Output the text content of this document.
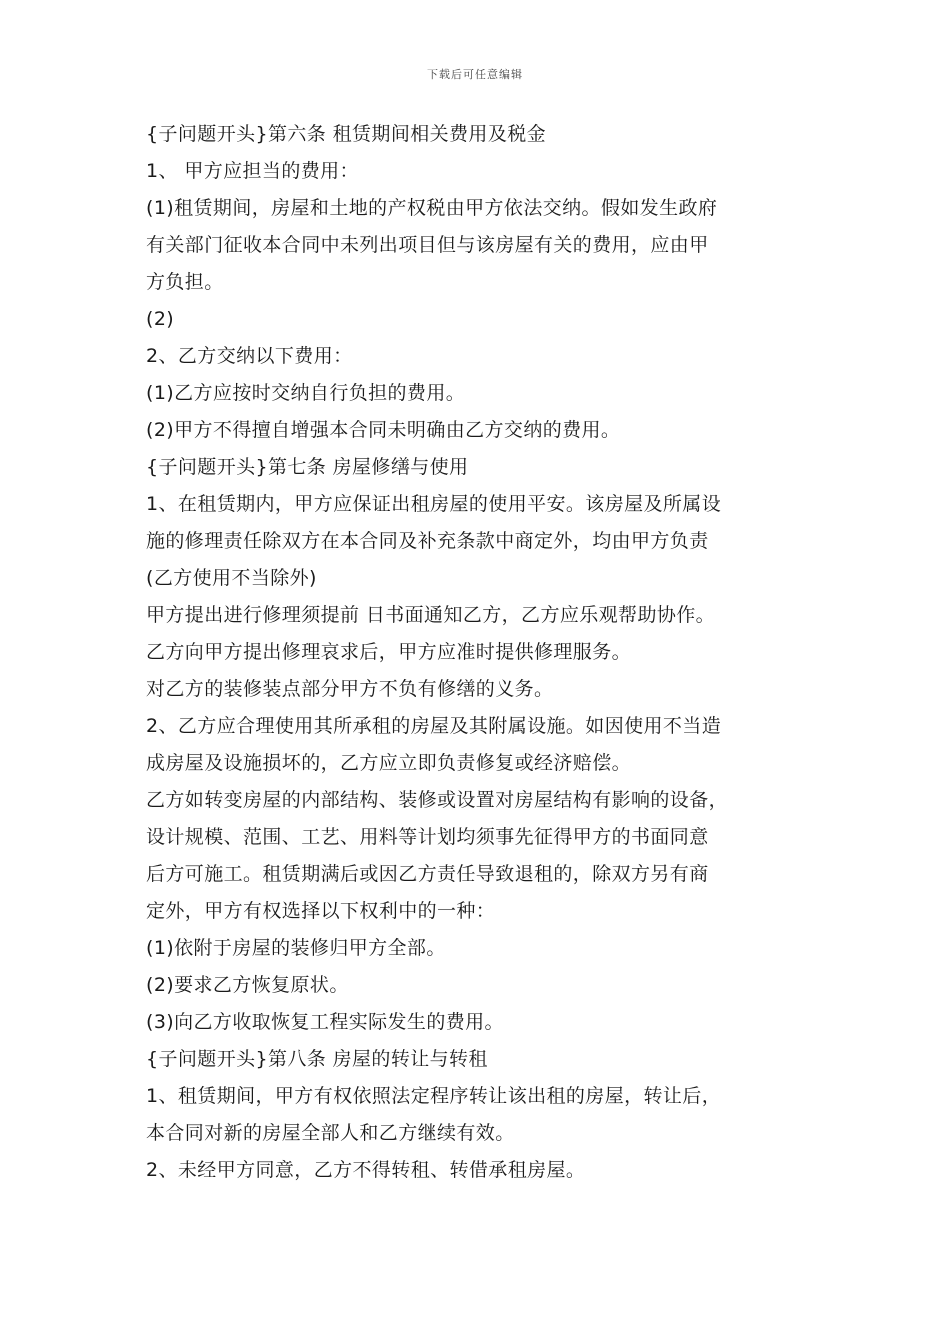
下载后可任意编辑
{子问题开头}第六条 租赁期间相关费用及税金
1、 甲方应担当的费用：
(1)租赁期间，房屋和土地的产权税由甲方依法交纳。假如发生政府
有关部门征收本合同中未列出项目但与该房屋有关的费用，应由甲
方负担。
(2)
2、乙方交纳以下费用：
(1)乙方应按时交纳自行负担的费用。
(2)甲方不得擅自增强本合同未明确由乙方交纳的费用。
{子问题开头}第七条 房屋修缮与使用
1、在租赁期内，甲方应保证出租房屋的使用平安。该房屋及所属设
施的修理责任除双方在本合同及补充条款中商定外，均由甲方负责
(乙方使用不当除外)
甲方提出进行修理须提前 日书面通知乙方，乙方应乐观帮助协作。
乙方向甲方提出修理哀求后，甲方应准时提供修理服务。
对乙方的装修装点部分甲方不负有修缮的义务。
2、乙方应合理使用其所承租的房屋及其附属设施。如因使用不当造
成房屋及设施损坏的，乙方应立即负责修复或经济赔偿。
乙方如转变房屋的内部结构、装修或设置对房屋结构有影响的设备，
设计规模、范围、工艺、用料等计划均须事先征得甲方的书面同意
后方可施工。租赁期满后或因乙方责任导致退租的，除双方另有商
定外，甲方有权选择以下权利中的一种：
(1)依附于房屋的装修归甲方全部。
(2)要求乙方恢复原状。
(3)向乙方收取恢复工程实际发生的费用。
{子问题开头}第八条 房屋的转让与转租
1、租赁期间，甲方有权依照法定程序转让该出租的房屋，转让后，
本合同对新的房屋全部人和乙方继续有效。
2、未经甲方同意，乙方不得转租、转借承租房屋。
